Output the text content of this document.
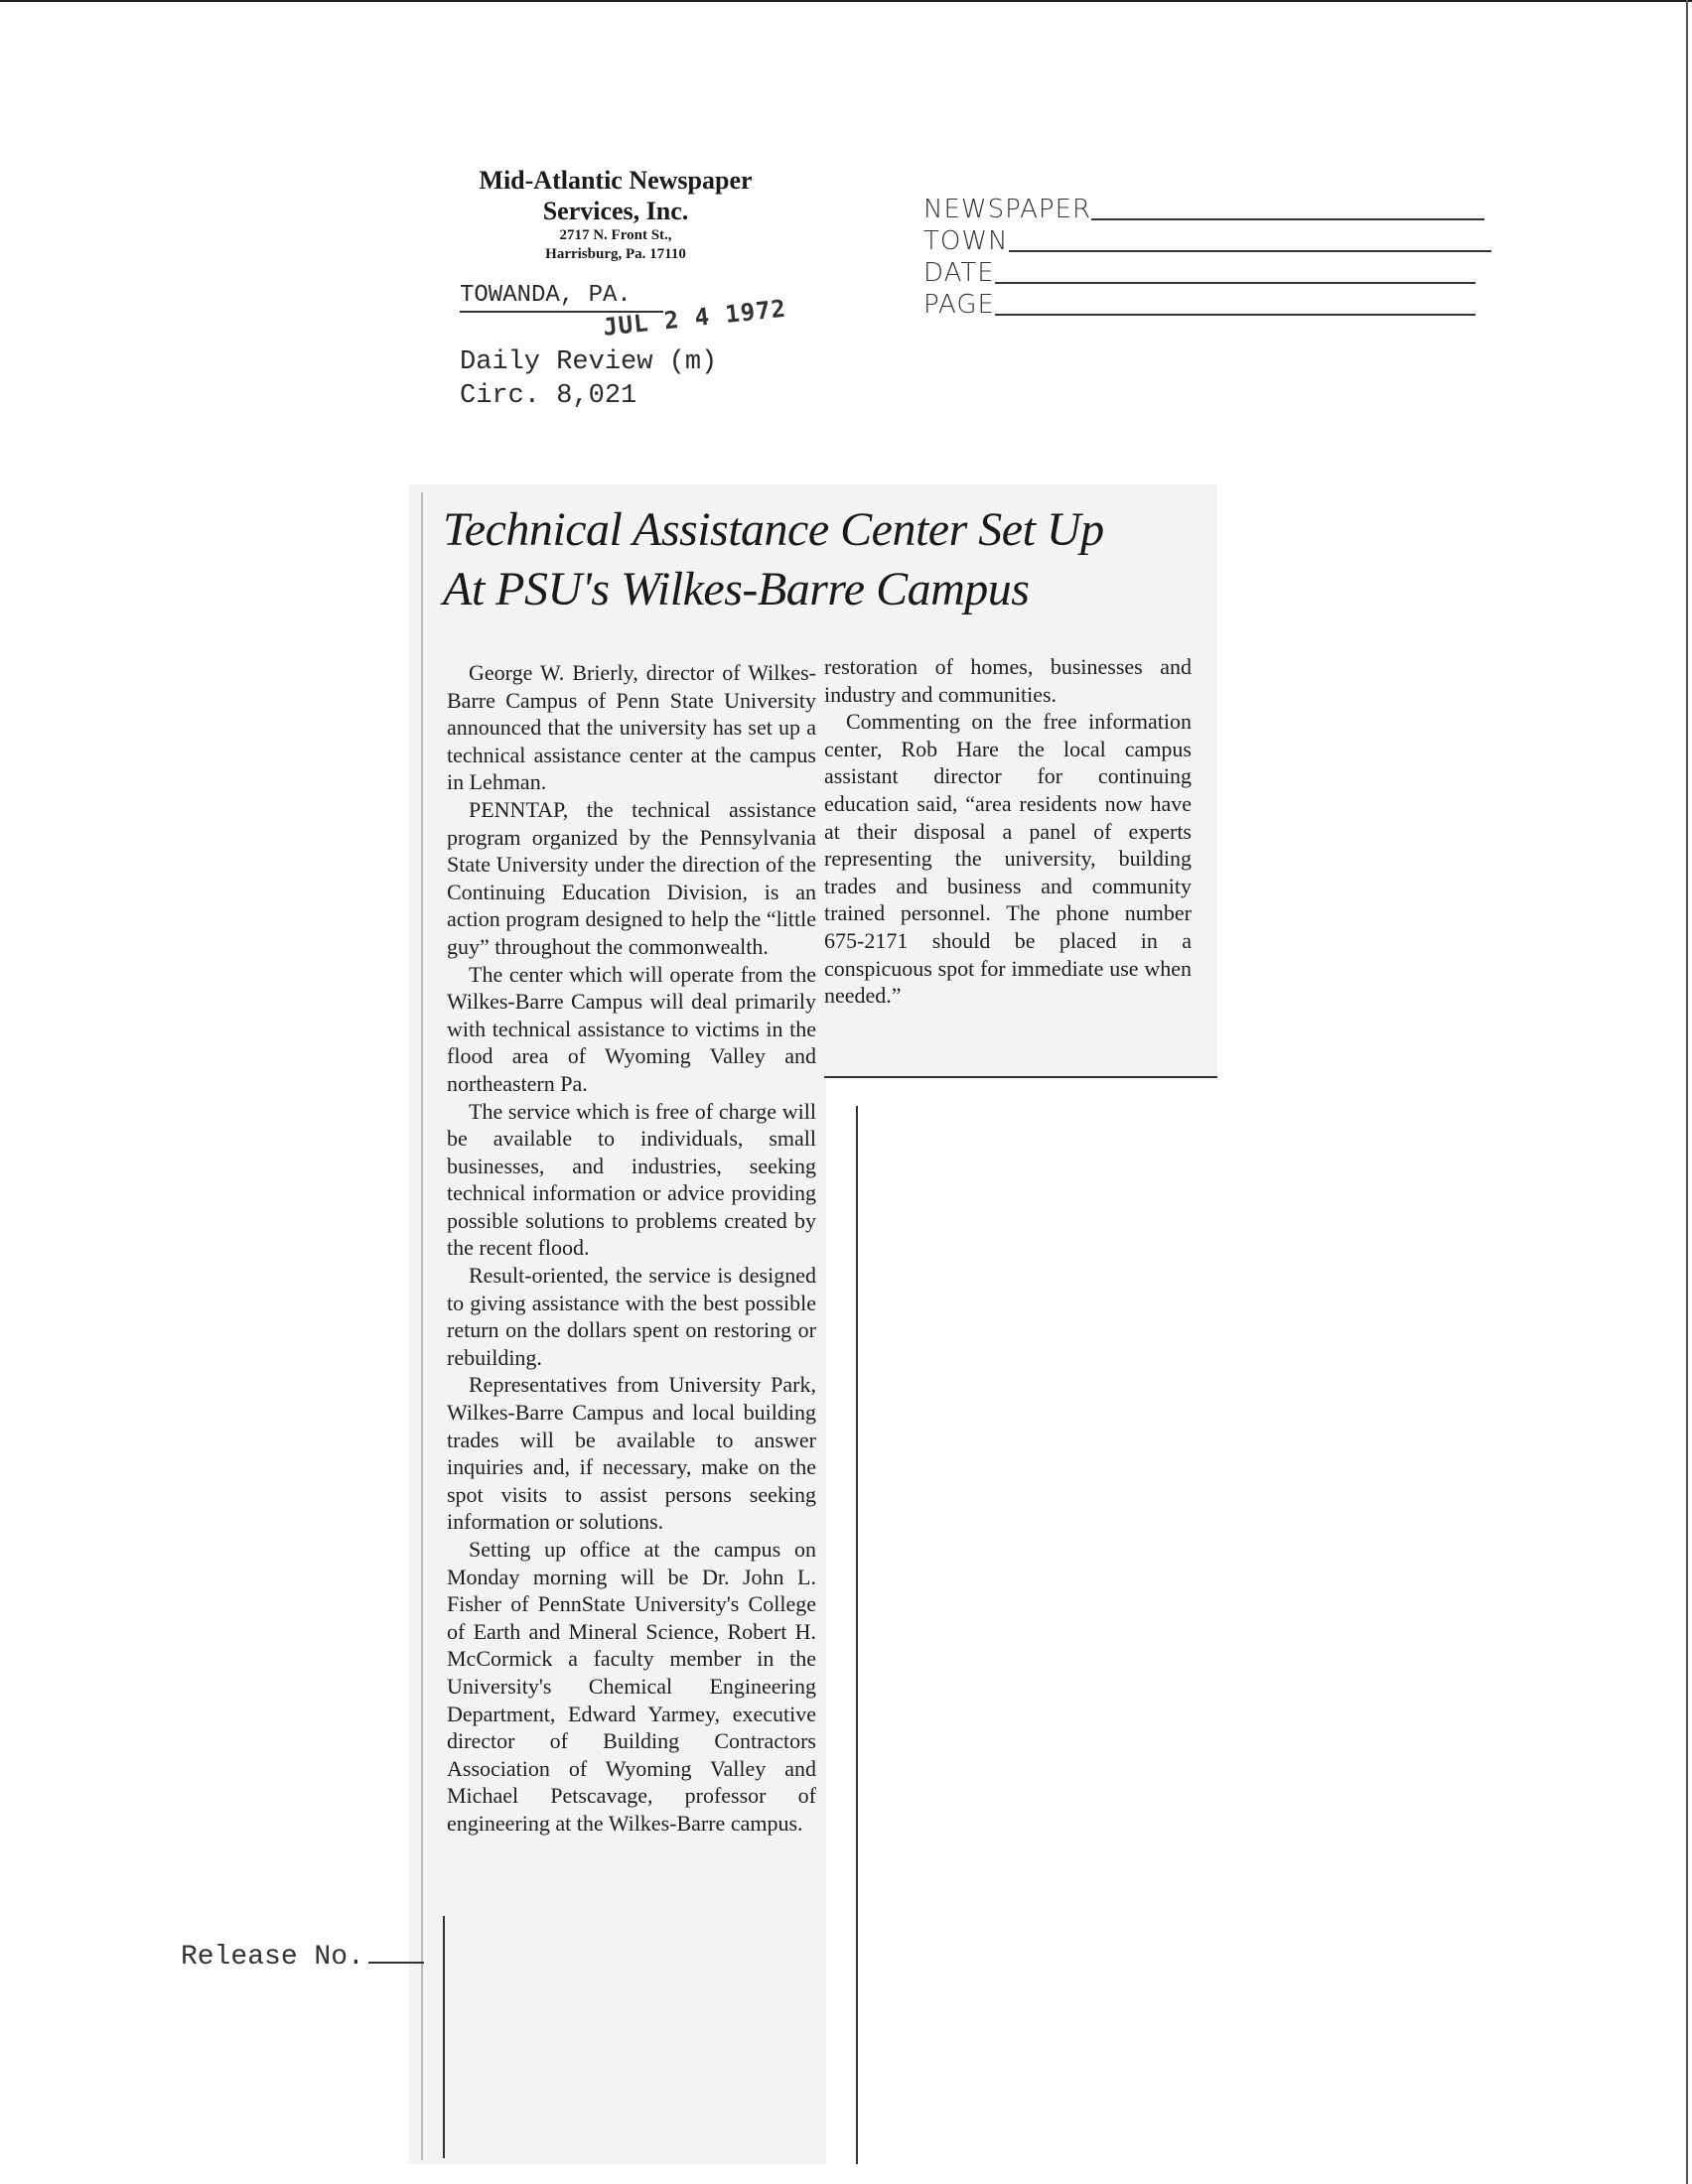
Mid-Atlantic Newspaper
Services, Inc.
2717 N. Front St.,
Harrisburg, Pa. 17110
TOWANDA, PA.
JUL 2 4 1972
Daily Review (m)
Circ. 8,021
NEWSPAPER
TOWN
DATE
PAGE
Technical Assistance Center Set Up
At PSU's Wilkes-Barre Campus

George W. Brierly, director of Wilkes-Barre Campus of Penn State University announced that the university has set up a technical assistance center at the campus in Lehman.

PENNTAP, the technical assistance program organized by the Pennsylvania State University under the direction of the Continuing Education Division, is an action program designed to help the “little guy” throughout the commonwealth.

The center which will operate from the Wilkes-Barre Campus will deal primarily with technical assistance to victims in the flood area of Wyoming Valley and northeastern Pa.

The service which is free of charge will be available to individuals, small businesses, and industries, seeking technical information or advice providing possible solutions to problems created by the recent flood.

Result-oriented, the service is designed to giving assistance with the best possible return on the dollars spent on restoring or rebuilding.

Representatives from University Park, Wilkes-Barre Campus and local building trades will be available to answer inquiries and, if necessary, make on the spot visits to assist persons seeking information or solutions.

Setting up office at the campus on Monday morning will be Dr. John L. Fisher of PennState University's College of Earth and Mineral Science, Robert H. McCormick a faculty member in the University's Chemical Engineering Department, Edward Yarmey, executive director of Building Contractors Association of Wyoming Valley and Michael Petscavage, professor of engineering at the Wilkes-Barre campus.

restoration of homes, businesses and industry and communities.

Commenting on the free information center, Rob Hare the local campus assistant director for continuing education said, “area residents now have at their disposal a panel of experts representing the university, building trades and business and community trained personnel. The phone number 675-2171 should be placed in a conspicuous spot for immediate use when needed.”

Release No.
